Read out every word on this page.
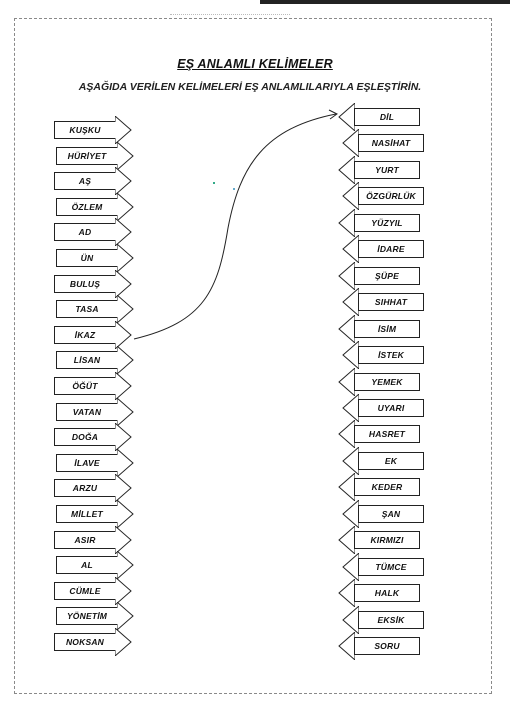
EŞ ANLAMLI KELİMELER
AŞAĞIDA VERİLEN KELİMELERİ EŞ ANLAMLILARIYLA EŞLEŞTİRİN.
KUŞKU
HÜRİYET
AŞ
ÖZLEM
AD
ÜN
BULUŞ
TASA
İKAZ
LİSAN
ÖĞÜT
VATAN
DOĞA
İLAVE
ARZU
MİLLET
ASIR
AL
CÜMLE
YÖNETİM
NOKSAN
DİL
NASİHAT
YURT
ÖZGÜRLÜK
YÜZYIL
İDARE
ŞÜPE
SIHHAT
İSİM
İSTEK
YEMEK
UYARI
HASRET
EK
KEDER
ŞAN
KIRMIZI
TÜMCE
HALK
EKSİK
SORU
